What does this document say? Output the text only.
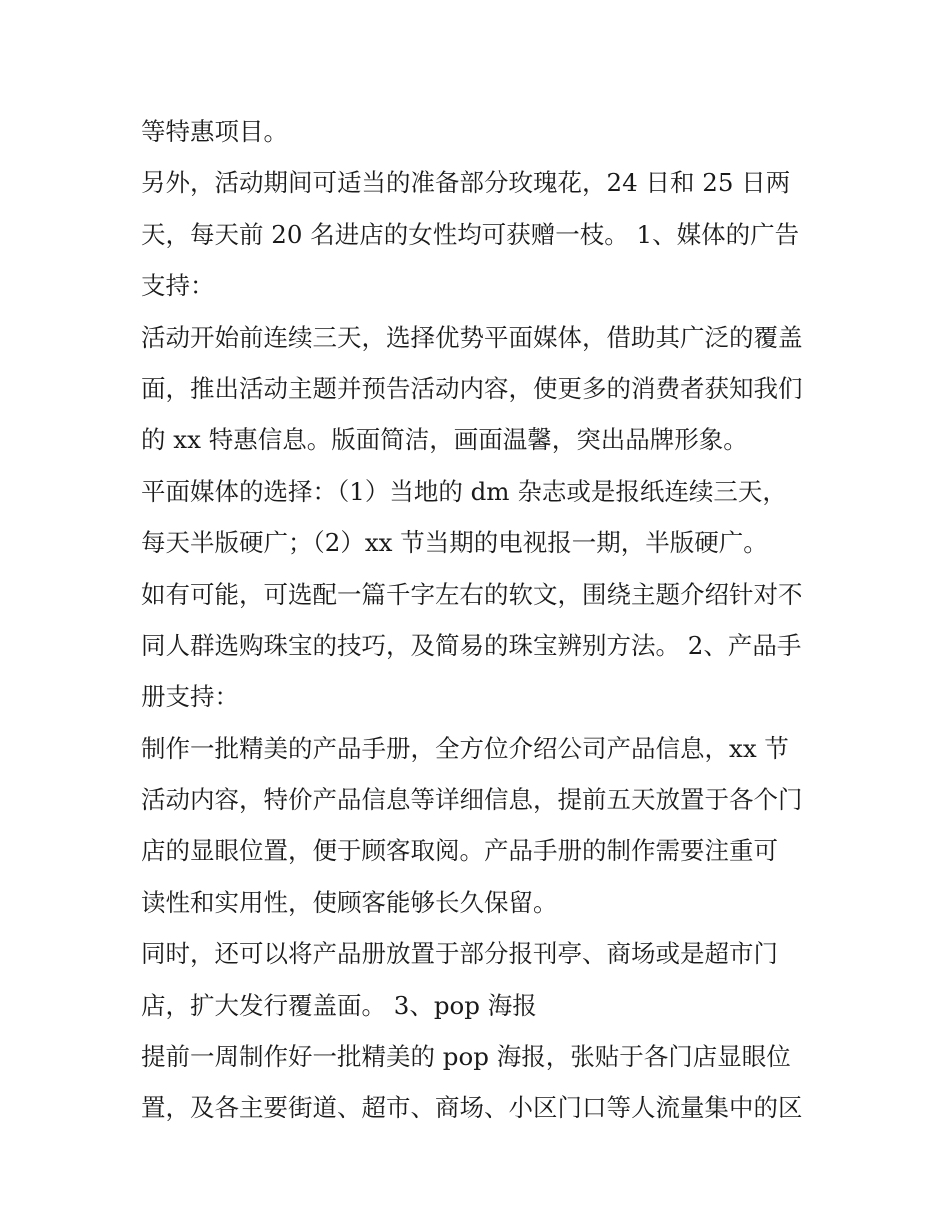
等特惠项目。
另外，活动期间可适当的准备部分玫瑰花，24 日和 25 日两
天，每天前 20 名进店的女性均可获赠一枝。 1、媒体的广告
支持：
活动开始前连续三天，选择优势平面媒体，借助其广泛的覆盖
面，推出活动主题并预告活动内容，使更多的消费者获知我们
的 xx 特惠信息。版面简洁，画面温馨，突出品牌形象。
平面媒体的选择：（1）当地的 dm 杂志或是报纸连续三天，
每天半版硬广；（2）xx 节当期的电视报一期，半版硬广。
如有可能，可选配一篇千字左右的软文，围绕主题介绍针对不
同人群选购珠宝的技巧，及简易的珠宝辨别方法。 2、产品手
册支持：
制作一批精美的产品手册，全方位介绍公司产品信息，xx 节
活动内容，特价产品信息等详细信息，提前五天放置于各个门
店的显眼位置，便于顾客取阅。产品手册的制作需要注重可
读性和实用性，使顾客能够长久保留。
同时，还可以将产品册放置于部分报刊亭、商场或是超市门
店，扩大发行覆盖面。 3、pop 海报
提前一周制作好一批精美的 pop 海报，张贴于各门店显眼位
置，及各主要街道、超市、商场、小区门口等人流量集中的区
